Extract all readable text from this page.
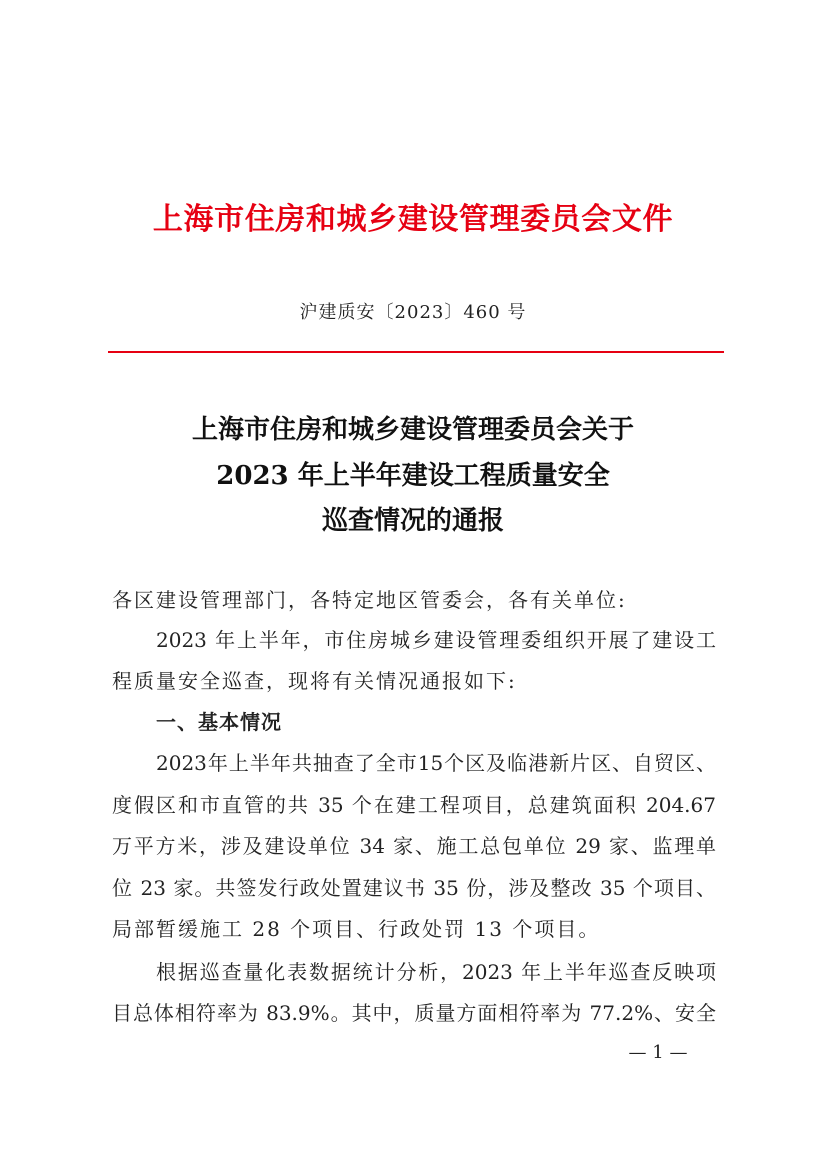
上海市住房和城乡建设管理委员会文件
沪建质安〔2023〕460 号
上海市住房和城乡建设管理委员会关于
2023 年上半年建设工程质量安全
巡查情况的通报
各区建设管理部门，各特定地区管委会，各有关单位:
2023 年上半年，市住房城乡建设管理委组织开展了建设工
程质量安全巡查，现将有关情况通报如下:
一、基本情况
2023年上半年共抽查了全市15个区及临港新片区、自贸区、
度假区和市直管的共 35 个在建工程项目，总建筑面积 204.67
万平方米，涉及建设单位 34 家、施工总包单位 29 家、监理单
位 23 家。共签发行政处置建议书 35 份，涉及整改 35 个项目、
局部暂缓施工 28 个项目、行政处罚 13 个项目。
根据巡查量化表数据统计分析，2023 年上半年巡查反映项
目总体相符率为 83.9%。其中，质量方面相符率为 77.2%、安全
— 1 —
